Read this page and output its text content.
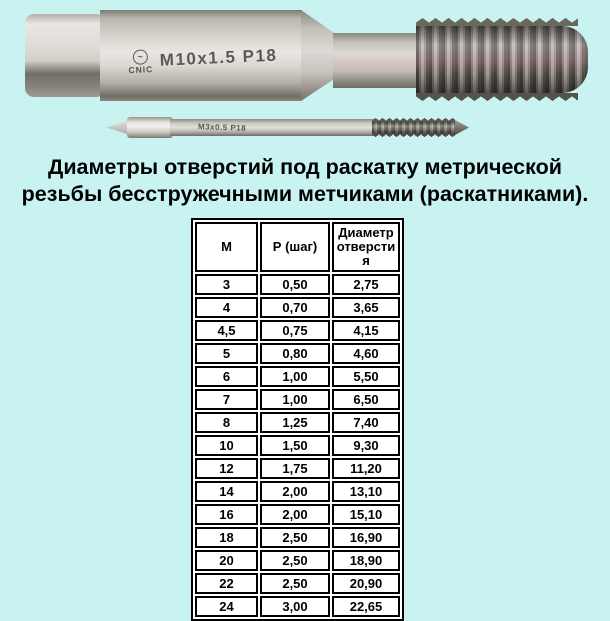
~
CNIC M10x1.5 P18
M3x0.5 P18
Диаметры отверстий под раскатку метрической
резьбы бесстружечными метчиками (раскатниками).
М	Р (шаг)	Диаметр отверстия
3	0,50	2,75
4	0,70	3,65
4,5	0,75	4,15
5	0,80	4,60
6	1,00	5,50
7	1,00	6,50
8	1,25	7,40
10	1,50	9,30
12	1,75	11,20
14	2,00	13,10
16	2,00	15,10
18	2,50	16,90
20	2,50	18,90
22	2,50	20,90
24	3,00	22,65
